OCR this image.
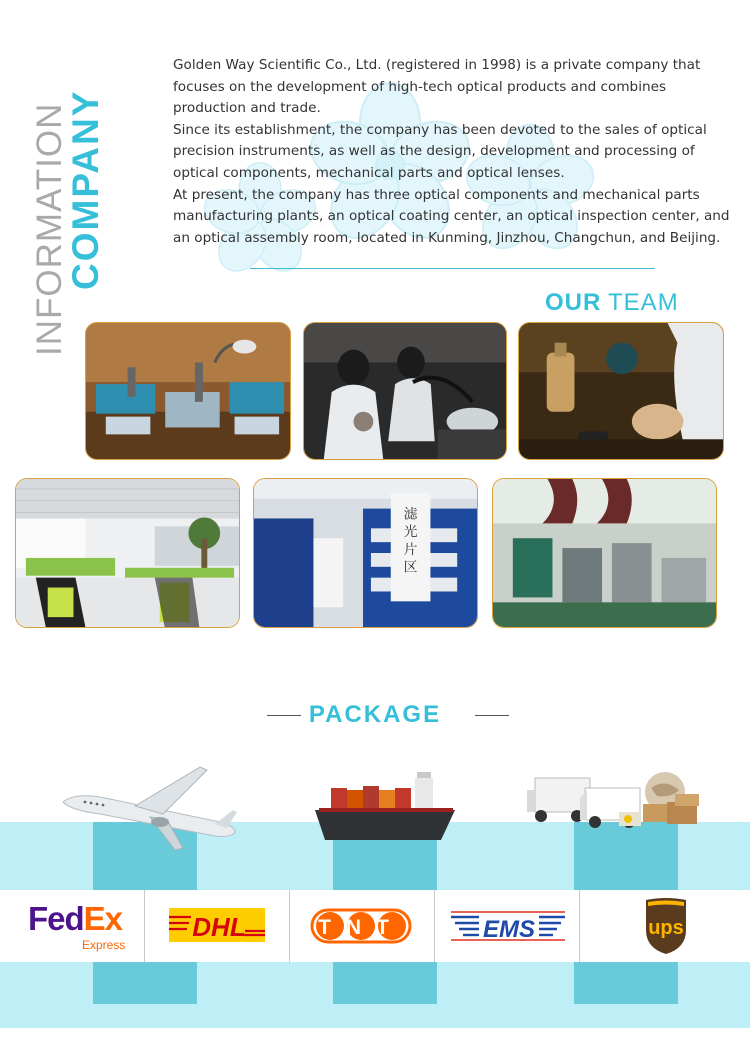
INFORMATION
COMPANY

Golden Way Scientific Co., Ltd. (registered in 1998) is a private company that focuses on the development of high-tech optical products and combines production and trade.

Since its establishment, the company has been devoted to the sales of optical precision instruments, as well as the design, development and processing of optical components, mechanical parts and optical lenses.

At present, the company has three optical components and mechanical parts manufacturing plants, an optical coating center, an optical inspection center, and an optical assembly room, located in Kunming, Jinzhou, Changchun, and Beijing.

OUR TEAM
滤光片区
PACKAGE
FedEx
Express
DHL	TNT	EMS	ups
